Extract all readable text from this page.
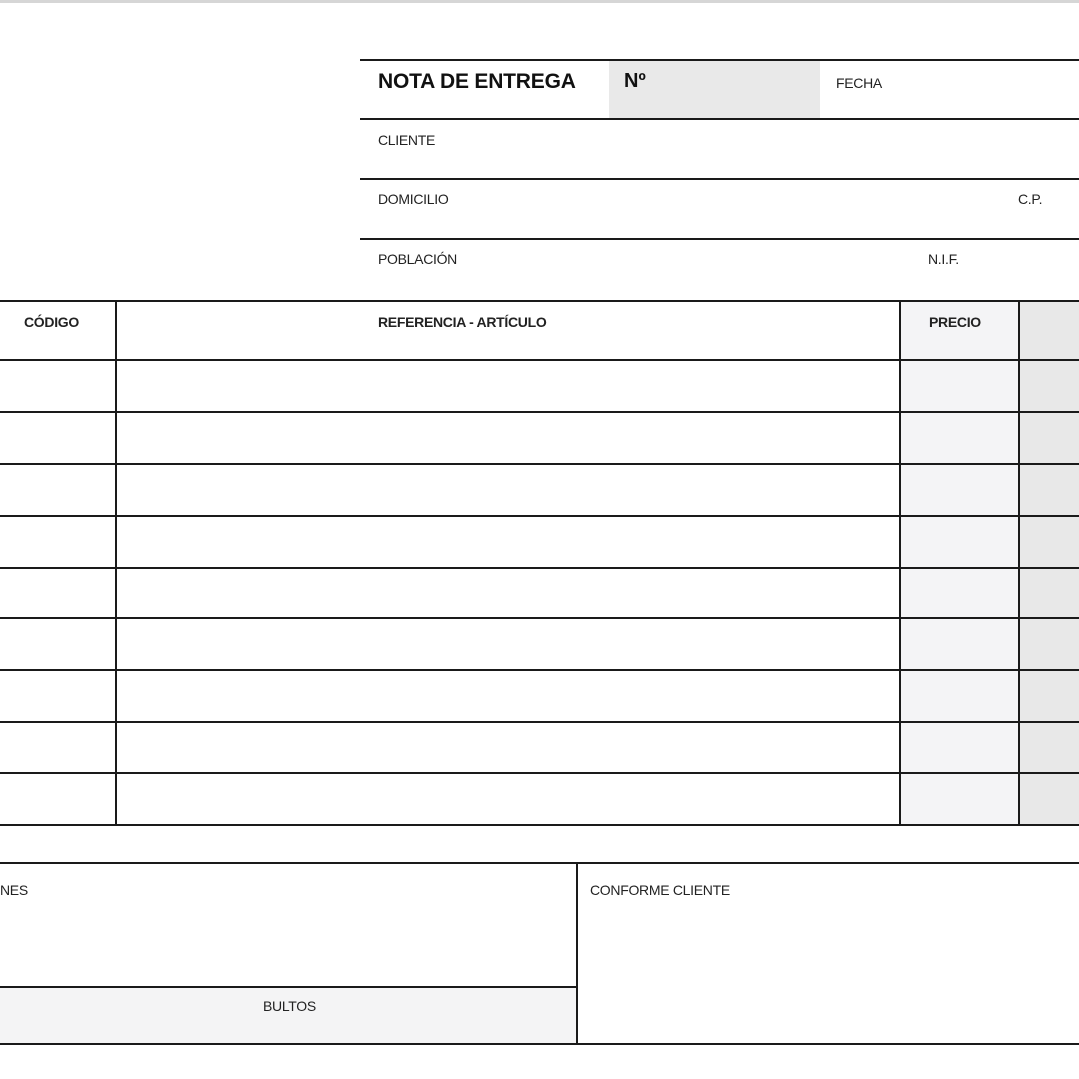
NOTA DE ENTREGA Nº	FECHA
CLIENTE
DOMICILIO	C.P.
POBLACIÓN	N.I.F.
CÓDIGO	REFERENCIA - ARTÍCULO	PRECIO
NES
BULTOS
CONFORME CLIENTE
